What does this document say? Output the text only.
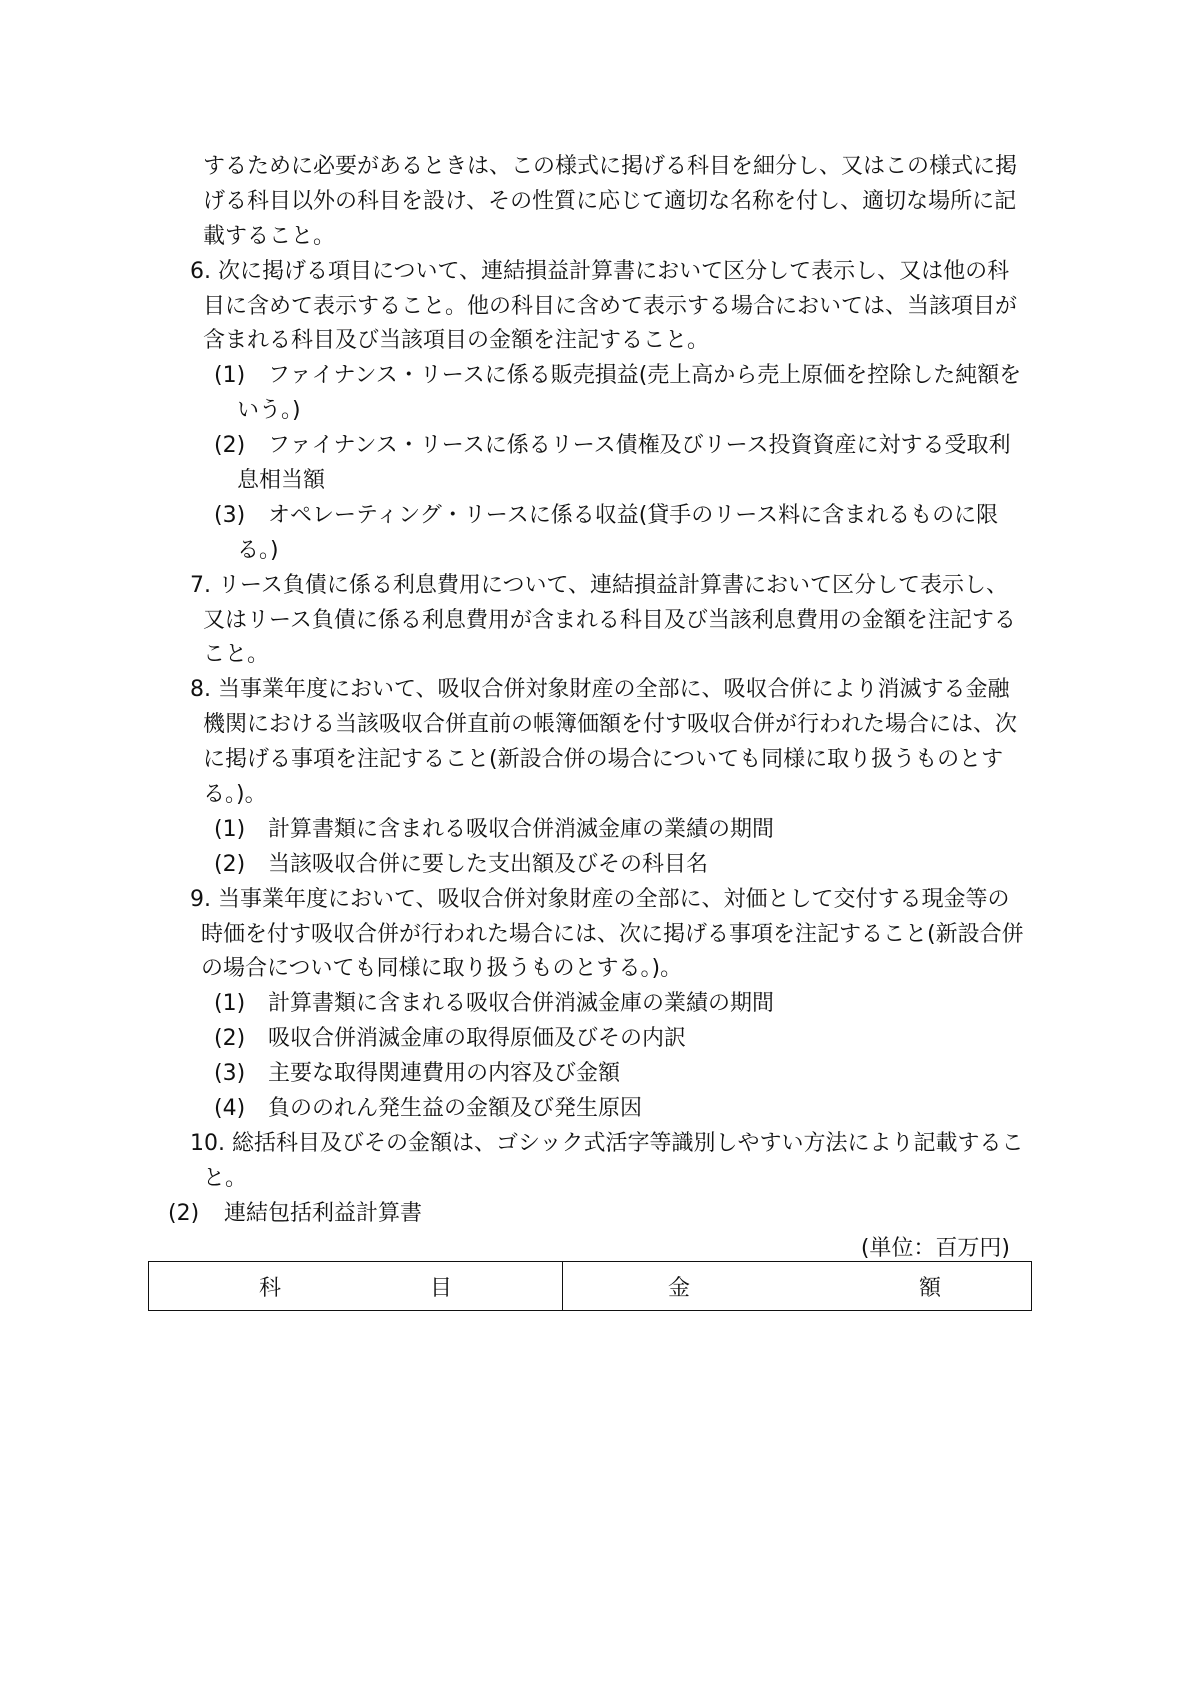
するために必要があるときは、この様式に掲げる科目を細分し、又はこの様式に掲
げる科目以外の科目を設け、その性質に応じて適切な名称を付し、適切な場所に記
載すること。
6. 次に掲げる項目について、連結損益計算書において区分して表示し、又は他の科
目に含めて表示すること。他の科目に含めて表示する場合においては、当該項目が
含まれる科目及び当該項目の金額を注記すること。
(1) ファイナンス・リースに係る販売損益(売上高から売上原価を控除した純額を
いう。)
(2) ファイナンス・リースに係るリース債権及びリース投資資産に対する受取利
息相当額
(3) オペレーティング・リースに係る収益(貸手のリース料に含まれるものに限
る。)
7. リース負債に係る利息費用について、連結損益計算書において区分して表示し、
又はリース負債に係る利息費用が含まれる科目及び当該利息費用の金額を注記する
こと。
8. 当事業年度において、吸収合併対象財産の全部に、吸収合併により消滅する金融
機関における当該吸収合併直前の帳簿価額を付す吸収合併が行われた場合には、次
に掲げる事項を注記すること(新設合併の場合についても同様に取り扱うものとす
る。)。
(1) 計算書類に含まれる吸収合併消滅金庫の業績の期間
(2) 当該吸収合併に要した支出額及びその科目名
9. 当事業年度において、吸収合併対象財産の全部に、対価として交付する現金等の
時価を付す吸収合併が行われた場合には、次に掲げる事項を注記すること(新設合併
の場合についても同様に取り扱うものとする。)。
(1) 計算書類に含まれる吸収合併消滅金庫の業績の期間
(2) 吸収合併消滅金庫の取得原価及びその内訳
(3) 主要な取得関連費用の内容及び金額
(4) 負ののれん発生益の金額及び発生原因
10. 総括科目及びその金額は、ゴシック式活字等識別しやすい方法により記載するこ
と。
(2) 連結包括利益計算書
(単位：百万円)
科	目	金	額
